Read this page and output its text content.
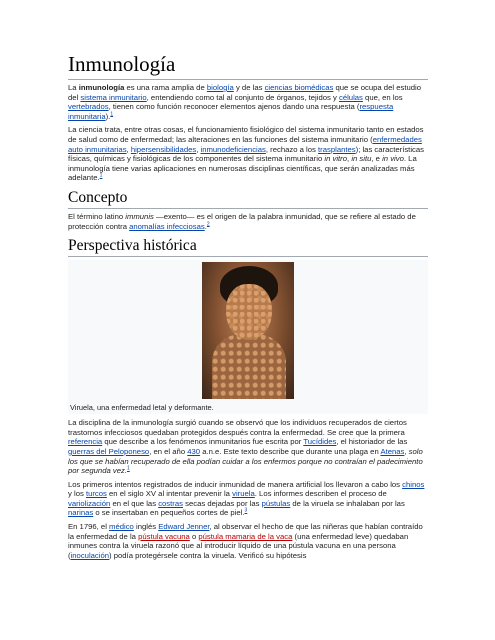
Inmunología

La inmunología es una rama amplia de biología y de las ciencias biomédicas que se ocupa del estudio del sistema inmunitario, entendiendo como tal al conjunto de órganos, tejidos y células que, en los vertebrados, tienen como función reconocer elementos ajenos dando una respuesta (respuesta inmunitaria).$^1$

La ciencia trata, entre otras cosas, el funcionamiento fisiológico del sistema inmunitario tanto en estados de salud como de enfermedad; las alteraciones en las funciones del sistema inmunitario (enfermedades auto inmunitarias, hipersensibilidades, inmunodeficiencias, rechazo a los trasplantes); las características físicas, químicas y fisiológicas de los componentes del sistema inmunitario in vitro, in situ, e in vivo. La inmunología tiene varias aplicaciones en numerosas disciplinas científicas, que serán analizadas más adelante.$^1$

Concepto

El término latino immunis —exento— es el origen de la palabra inmunidad, que se refiere al estado de protección contra anomalías infecciosas.$^2$

Perspectiva histórica
Viruela, una enfermedad letal y deformante.

La disciplina de la inmunología surgió cuando se observó que los individuos recuperados de ciertos trastornos infecciosos quedaban protegidos después contra la enfermedad. Se cree que la primera referencia que describe a los fenómenos inmunitarios fue escrita por Tucídides, el historiador de las guerras del Peloponeso, en el año 430 a.n.e. Este texto describe que durante una plaga en Atenas, solo los que se habían recuperado de ella podían cuidar a los enfermos porque no contraían el padecimiento por segunda vez.$^1$

Los primeros intentos registrados de inducir inmunidad de manera artificial los llevaron a cabo los chinos y los turcos en el siglo XV al intentar prevenir la viruela. Los informes describen el proceso de variolización en el que las costras secas dejadas por las pústulas de la viruela se inhalaban por las narinas o se insertaban en pequeños cortes de piel.$^3$

En 1796, el médico inglés Edward Jenner, al observar el hecho de que las niñeras que habían contraído la enfermedad de la pústula vacuna o pústula mamaria de la vaca (una enfermedad leve) quedaban inmunes contra la viruela razonó que al introducir líquido de una pústula vacuna en una persona (inoculación) podía protegérsele contra la viruela. Verificó su hipótesis
